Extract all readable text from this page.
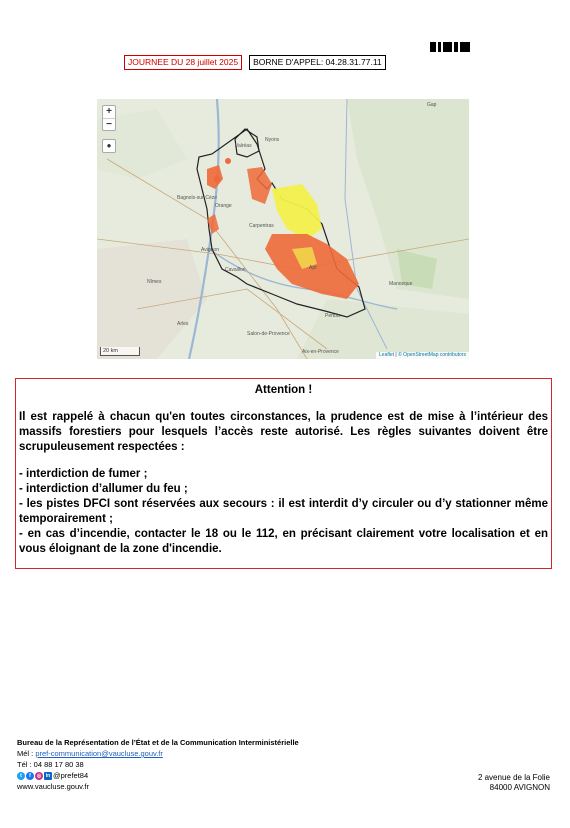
JOURNEE DU 28 juillet 2025	BORNE D'APPEL: 04.28.31.77.11
Valréas
Nyons
Orange
Bagnols-sur-Cèze
Carpentras
Avignon
Cavaillon
Pertuis
Nîmes
Apt
Gap
Manosque
Aix-en-Provence
Salon-de-Provence
Arles
+
−
●
20 km
Leaflet | © OpenStreetMap contributors
Attention !

Il est rappelé à chacun qu'en toutes circonstances, la prudence est de mise à l’intérieur des massifs forestiers pour lesquels l’accès reste autorisé. Les règles suivantes doivent être scrupuleusement respectées :

- interdiction de fumer ;
- interdiction d’allumer du feu ;
- les pistes DFCI sont réservées aux secours : il est interdit d’y circuler ou d’y stationner même temporairement ;
- en cas d’incendie, contacter le 18 ou le 112, en précisant clairement votre localisation et en vous éloignant de la zone d'incendie.
Bureau de la Représentation de l’État et de la Communication Interministérielle
Mél : pref-communication@vaucluse.gouv.fr
Tél : 04 88 17 80 38
t	f	◎ in @prefet84
www.vaucluse.gouv.fr
2 avenue de la Folie
84000 AVIGNON
